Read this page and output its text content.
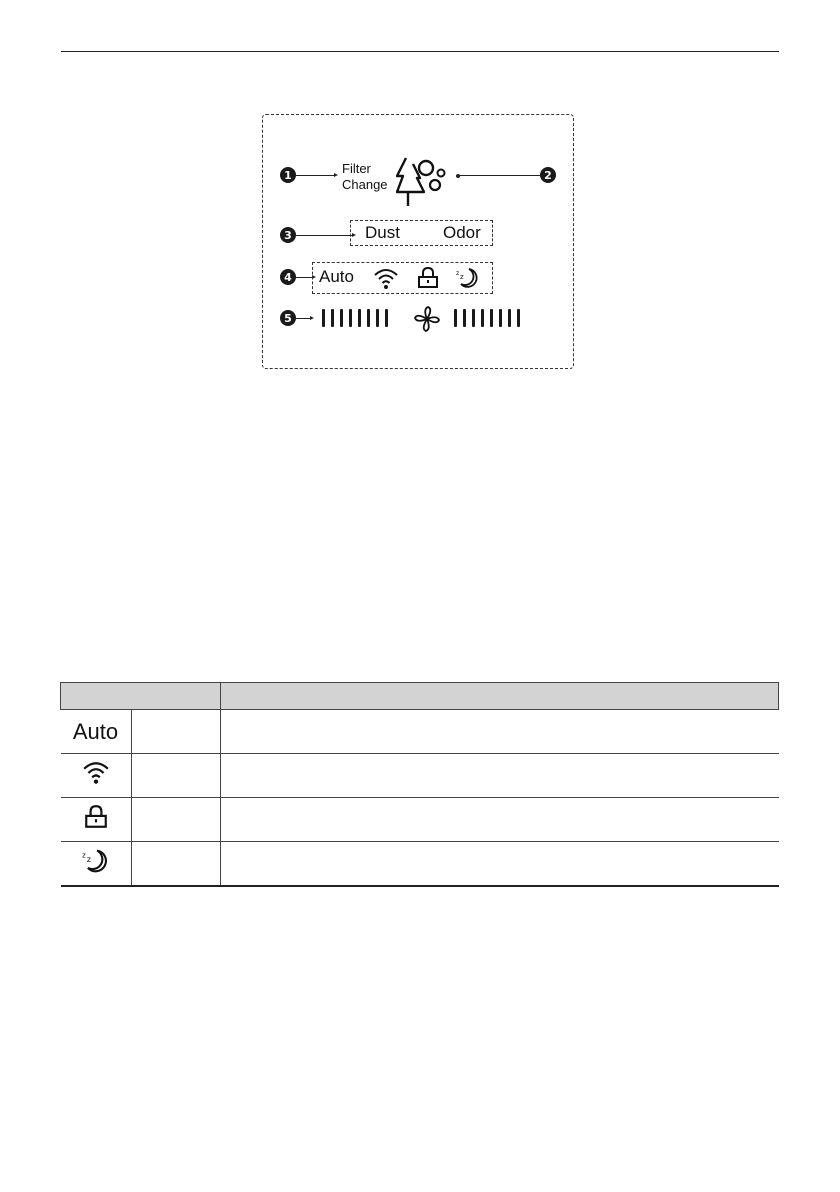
1	Filter
Change
2
3	Dust	Odor
4 Auto	z z
5

Auto		

z z		
